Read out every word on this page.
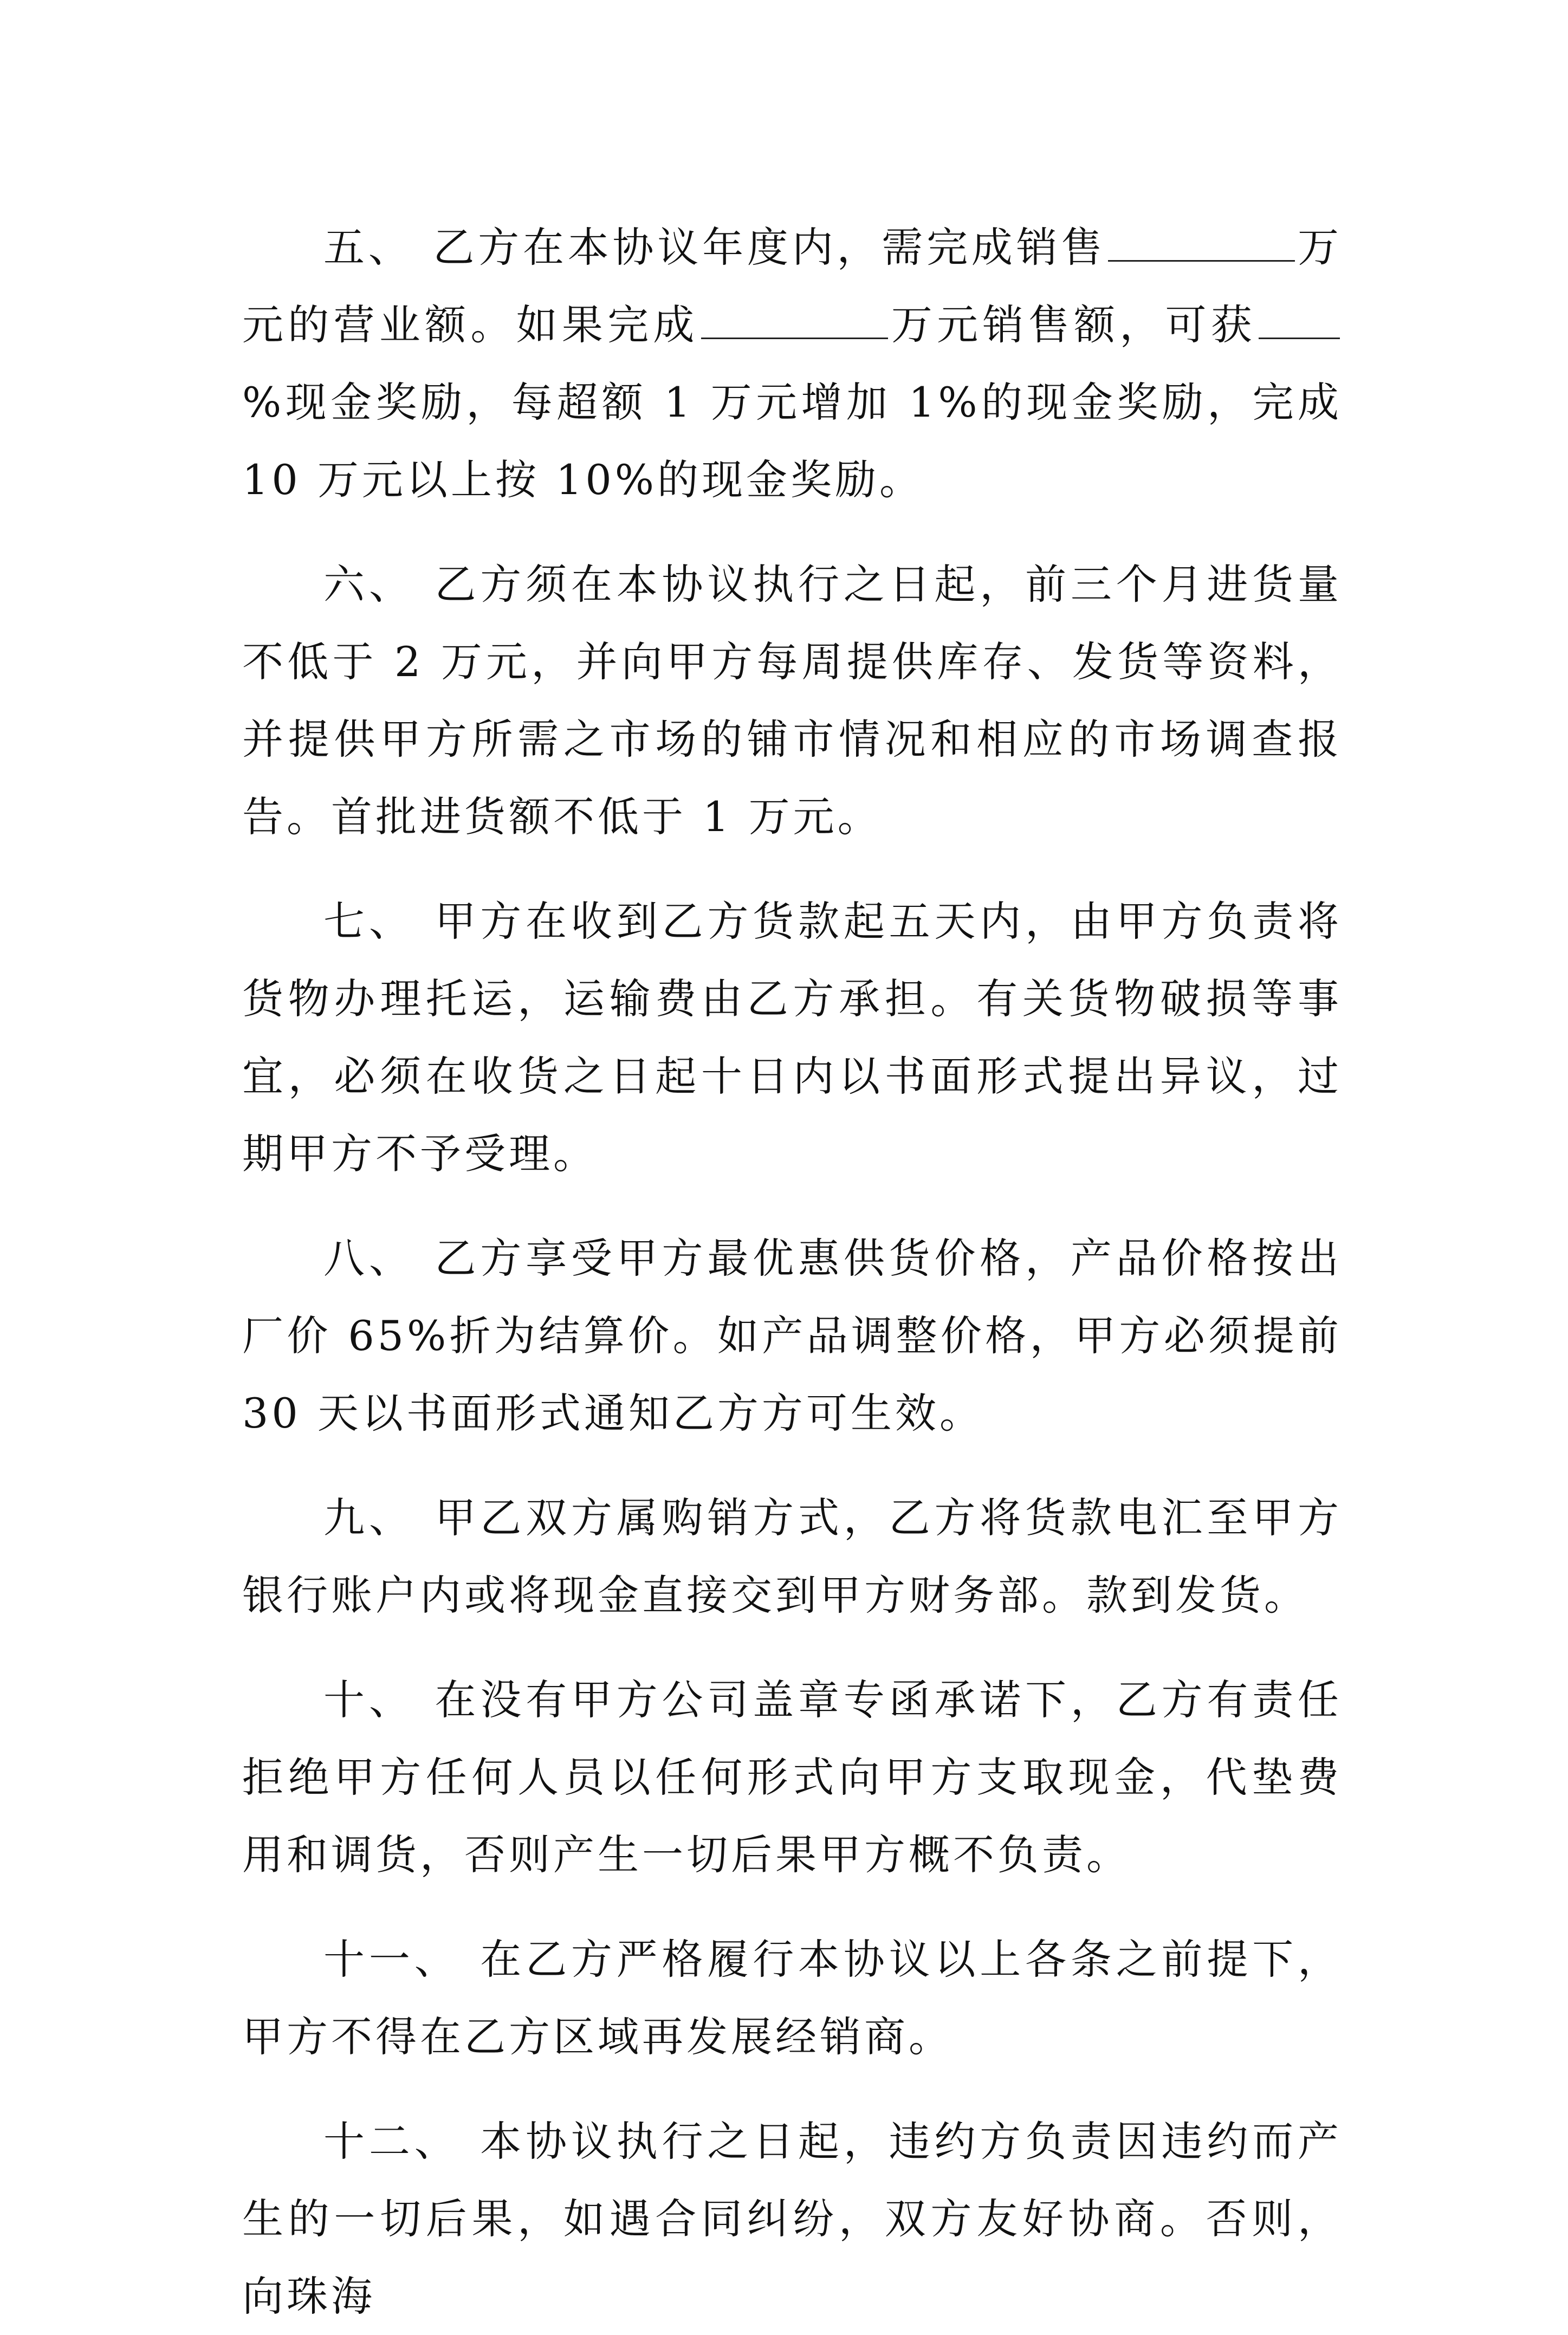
五、 乙方在本协议年度内，需完成销售	万元的营业额。如果完成	万元销售额，可获%现金奖励，每超额 1 万元增加 1%的现金奖励，完成 10 万元以上按 10%的现金奖励。

六、 乙方须在本协议执行之日起，前三个月进货量不低于 2 万元，并向甲方每周提供库存、发货等资料，并提供甲方所需之市场的铺市情况和相应的市场调查报告。首批进货额不低于 1 万元。

七、 甲方在收到乙方货款起五天内，由甲方负责将货物办理托运，运输费由乙方承担。有关货物破损等事宜，必须在收货之日起十日内以书面形式提出异议，过期甲方不予受理。

八、 乙方享受甲方最优惠供货价格，产品价格按出厂价 65%折为结算价。如产品调整价格，甲方必须提前 30 天以书面形式通知乙方方可生效。

九、 甲乙双方属购销方式，乙方将货款电汇至甲方银行账户内或将现金直接交到甲方财务部。款到发货。

十、 在没有甲方公司盖章专函承诺下，乙方有责任拒绝甲方任何人员以任何形式向甲方支取现金，代垫费用和调货，否则产生一切后果甲方概不负责。

十一、 在乙方严格履行本协议以上各条之前提下，甲方不得在乙方区域再发展经销商。

十二、 本协议执行之日起，违约方负责因违约而产生的一切后果，如遇合同纠纷，双方友好协商。否则，向珠海
